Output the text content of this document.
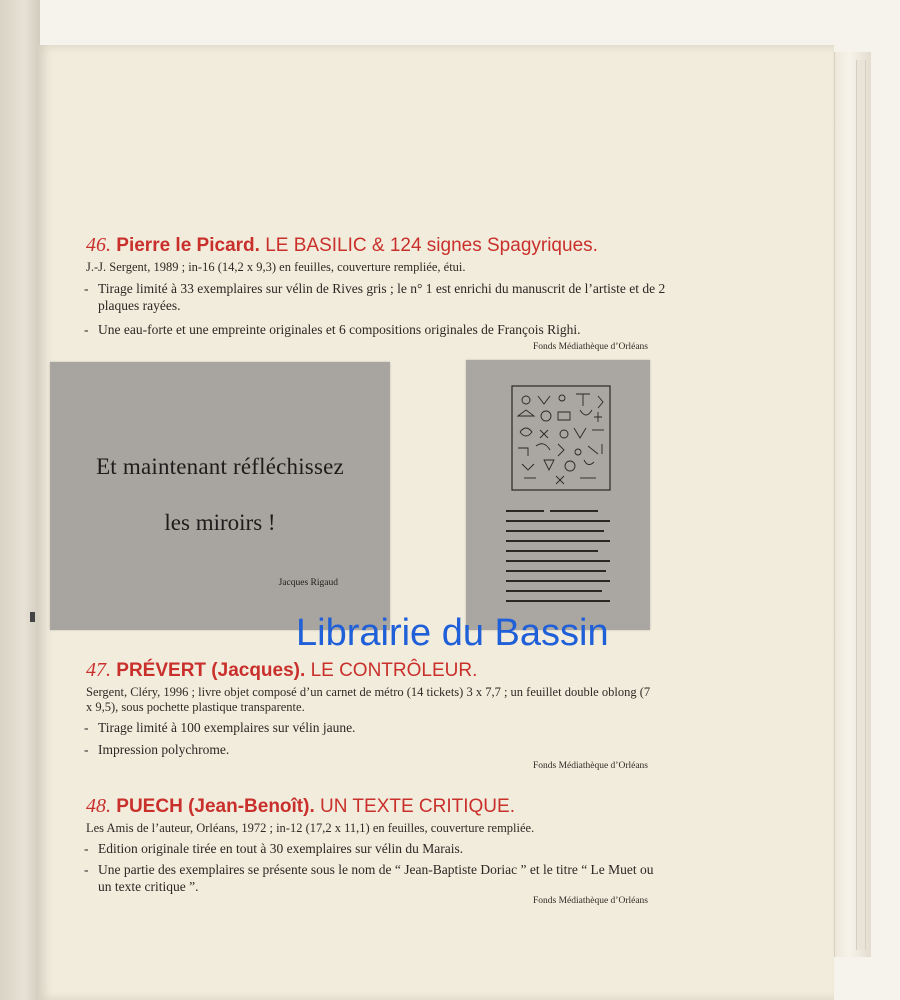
46. Pierre le Picard. LE BASILIC & 124 signes Spagyriques.
J.-J. Sergent, 1989 ; in-16 (14,2 x 9,3) en feuilles, couverture rempliée, étui.
- Tirage limité à 33 exemplaires sur vélin de Rives gris ; le n° 1 est enrichi du manuscrit de l’artiste et de 2 plaques rayées.
- Une eau-forte et une empreinte originales et 6 compositions originales de François Righi.
Fonds Médiathèque d’Orléans
Et maintenant réfléchissez
les miroirs !
Jacques Rigaud
47. PRÉVERT (Jacques). LE CONTRÔLEUR.
Sergent, Cléry, 1996 ; livre objet composé d’un carnet de métro (14 tickets) 3 x 7,7 ; un feuillet double oblong (7 x 9,5), sous pochette plastique transparente.
- Tirage limité à 100 exemplaires sur vélin jaune.
- Impression polychrome.
Fonds Médiathèque d’Orléans
48. PUECH (Jean-Benoît). UN TEXTE CRITIQUE.
Les Amis de l’auteur, Orléans, 1972 ; in-12 (17,2 x 11,1) en feuilles, couverture rempliée.
- Edition originale tirée en tout à 30 exemplaires sur vélin du Marais.
- Une partie des exemplaires se présente sous le nom de “ Jean-Baptiste Doriac ” et le titre “ Le Muet ou un texte critique ”.
Fonds Médiathèque d’Orléans
Librairie du Bassin
